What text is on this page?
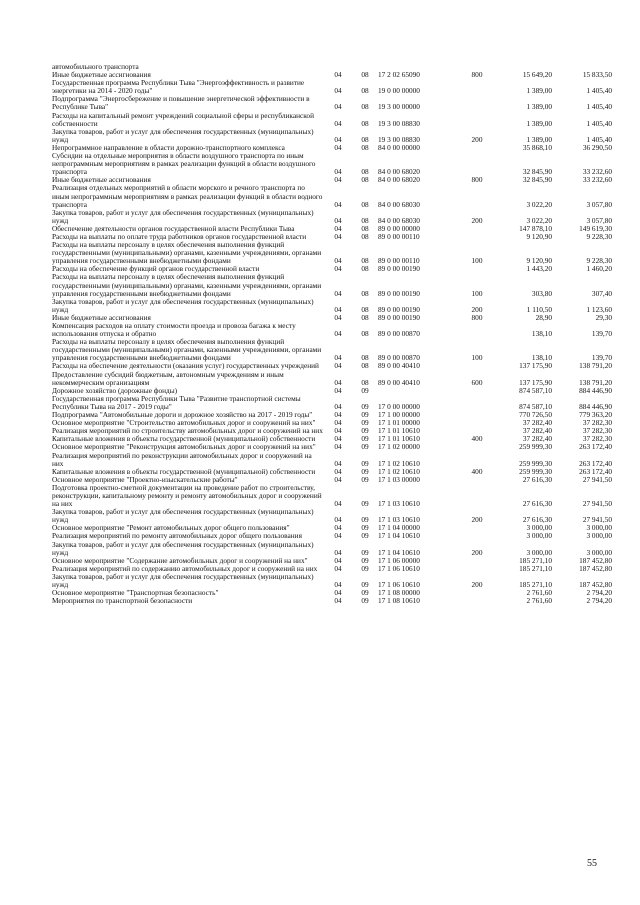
автомобильного транспорта						
Иные бюджетные ассигнования	04	08	17 2 02 65090	800	15 649,20	15 833,50
Государственная программа Республики Тыва "Энергоэффективность и развитие энергетики на 2014 - 2020 годы"	04	08	19 0 00 00000		1 389,00	1 405,40
Подпрограмма "Энергосбережение и повышение энергетической эффективности в Республике Тыва"	04	08	19 3 00 00000		1 389,00	1 405,40
Расходы на капитальный ремонт учреждений социальной сферы и республиканской собственности	04	08	19 3 00 08830		1 389,00	1 405,40
Закупка товаров, работ и услуг для обеспечения государственных (муниципальных) нужд	04	08	19 3 00 08830	200	1 389,00	1 405,40
Непрограммное направление в области дорожно-транспортного комплекса	04	08	84 0 00 00000		35 868,10	36 290,50
Субсидии на отдельные мероприятия в области воздушного транспорта по иным непрограммным мероприятиям в рамках реализации функций в области воздушного транспорта	04	08	84 0 00 68020		32 845,90	33 232,60
Иные бюджетные ассигнования	04	08	84 0 00 68020	800	32 845,90	33 232,60
Реализация отдельных мероприятий в области морского и речного транспорта по иным непрограммным мероприятиям в рамках реализации функций в области водного транспорта	04	08	84 0 00 68030		3 022,20	3 057,80
Закупка товаров, работ и услуг для обеспечения государственных (муниципальных) нужд	04	08	84 0 00 68030	200	3 022,20	3 057,80
Обеспечение деятельности органов государственной власти Республики Тыва	04	08	89 0 00 00000		147 878,10	149 619,30
Расходы на выплаты по оплате труда работников органов государственной власти	04	08	89 0 00 00110		9 120,90	9 228,30
Расходы на выплаты персоналу в целях обеспечения выполнения функций государственными (муниципальными) органами, казенными учреждениями, органами управления государственными внебюджетными фондами	04	08	89 0 00 00110	100	9 120,90	9 228,30
Расходы на обеспечение функций органов государственной власти	04	08	89 0 00 00190		1 443,20	1 460,20
Расходы на выплаты персоналу в целях обеспечения выполнения функций государственными (муниципальными) органами, казенными учреждениями, органами управления государственными внебюджетными фондами	04	08	89 0 00 00190	100	303,80	307,40
Закупка товаров, работ и услуг для обеспечения государственных (муниципальных) нужд	04	08	89 0 00 00190	200	1 110,50	1 123,60
Иные бюджетные ассигнования	04	08	89 0 00 00190	800	28,90	29,30
Компенсация расходов на оплату стоимости проезда и провоза багажа к месту использования отпуска и обратно	04	08	89 0 00 00870		138,10	139,70
Расходы на выплаты персоналу в целях обеспечения выполнения функций государственными (муниципальными) органами, казенными учреждениями, органами управления государственными внебюджетными фондами	04	08	89 0 00 00870	100	138,10	139,70
Расходы на обеспечение деятельности (оказания услуг) государственных учреждений	04	08	89 0 00 40410		137 175,90	138 791,20
Предоставление субсидий бюджетным, автономным учреждениям и иным некоммерческим организациям	04	08	89 0 00 40410	600	137 175,90	138 791,20
Дорожное хозяйство (дорожные фонды)	04	09			874 587,10	884 446,90
Государственная программа Республики Тыва "Развитие транспортной системы Республики Тыва на 2017 - 2019 годы"	04	09	17 0 00 00000		874 587,10	884 446,90
Подпрограмма "Автомобильные дороги и дорожное хозяйство на 2017 - 2019 годы"	04	09	17 1 00 00000		770 726,50	779 363,20
Основное мероприятие "Строительство автомобильных дорог и сооружений на них"	04	09	17 1 01 00000		37 282,40	37 282,30
Реализация мероприятий по строительству автомобильных дорог и сооружений на них	04	09	17 1 01 10610		37 282,40	37 282,30
Капитальные вложения в объекты государственной (муниципальной) собственности	04	09	17 1 01 10610	400	37 282,40	37 282,30
Основное мероприятие "Реконструкция автомобильных дорог и сооружений на них"	04	09	17 1 02 00000		259 999,30	263 172,40
Реализация мероприятий по реконструкции автомобильных дорог и сооружений на них	04	09	17 1 02 10610		259 999,30	263 172,40
Капитальные вложения в объекты государственной (муниципальной) собственности	04	09	17 1 02 10610	400	259 999,30	263 172,40
Основное мероприятие "Проектно-изыскательские работы"	04	09	17 1 03 00000		27 616,30	27 941,50
Подготовка проектно-сметной документации на проведение работ по строительству, реконструкции, капитальному ремонту и ремонту автомобильных дорог и сооружений на них	04	09	17 1 03 10610		27 616,30	27 941,50
Закупка товаров, работ и услуг для обеспечения государственных (муниципальных) нужд	04	09	17 1 03 10610	200	27 616,30	27 941,50
Основное мероприятие "Ремонт автомобильных дорог общего пользования"	04	09	17 1 04 00000		3 000,00	3 000,00
Реализация мероприятий по ремонту автомобильных дорог общего пользования	04	09	17 1 04 10610		3 000,00	3 000,00
Закупка товаров, работ и услуг для обеспечения государственных (муниципальных) нужд	04	09	17 1 04 10610	200	3 000,00	3 000,00
Основное мероприятие "Содержание автомобильных дорог и сооружений на них"	04	09	17 1 06 00000		185 271,10	187 452,80
Реализация мероприятий по содержанию автомобильных дорог и сооружений на них	04	09	17 1 06 10610		185 271,10	187 452,80
Закупка товаров, работ и услуг для обеспечения государственных (муниципальных) нужд	04	09	17 1 06 10610	200	185 271,10	187 452,80
Основное мероприятие "Транспортная безопасность"	04	09	17 1 08 00000		2 761,60	2 794,20
Мероприятия по транспортной безопасности	04	09	17 1 08 10610		2 761,60	2 794,20
55
